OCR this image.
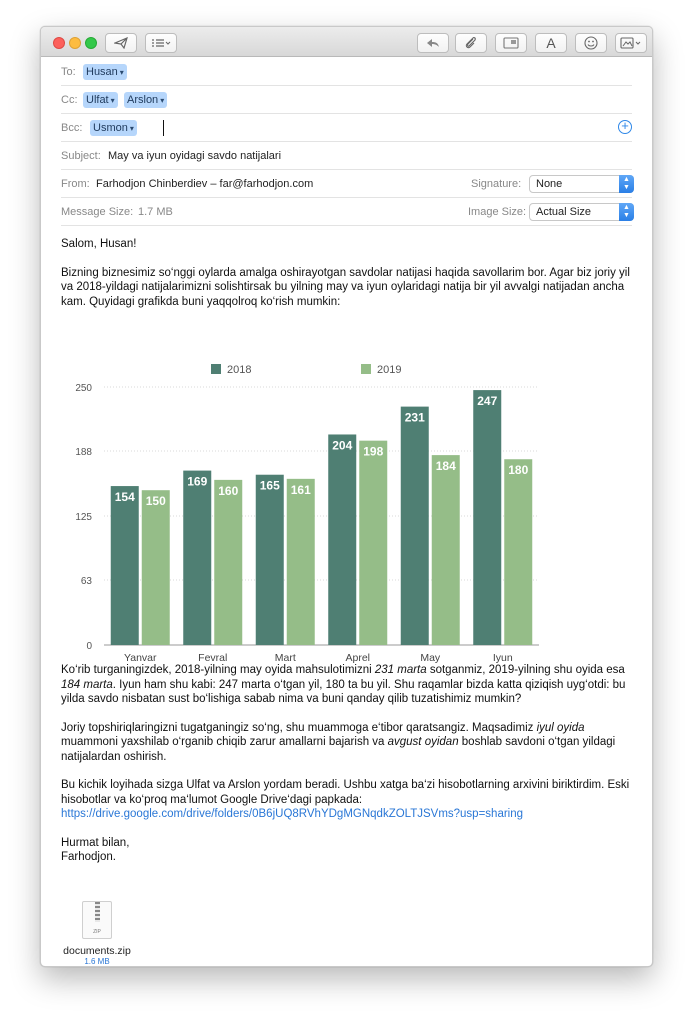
A
To: Husan ▾
Cc: Ulfat ▾ Arslon ▾
Bcc: Usmon ▾	+
Subject: May va iyun oyidagi savdo natijalari
From: Farhodjon Chinberdiev – far@farhodjon.com	Signature:	None	▲
▼
Message Size: 1.7 MB	Image Size: Actual Size	▲
▼

Salom, Husan!

Bizning biznesimiz so‘nggi oylarda amalga oshirayotgan savdolar natijasi haqida savollarim bor. Agar biz joriy yil va 2018-yildagi natijalarimizni solishtirsak bu yilning may va iyun oylaridagi natija bir yil avvalgi natijadan ancha kam. Quyidagi grafikda buni yaqqolroq ko‘rish mumkin:

0
63
125
188
250
2018	2019
154 150
169
160 165 161
204 198
231
184
247
180
Yanvar	Fevral	Mart	Aprel	May	Iyun

Ko‘rib turganingizdek, 2018-yilning may oyida mahsulotimizni 231 marta sotganmiz, 2019-yilning shu oyida esa 184 marta. Iyun ham shu kabi: 247 marta o‘tgan yil, 180 ta bu yil. Shu raqamlar bizda katta qiziqish uyg‘otdi: bu yilda savdo nisbatan sust bo‘lishiga sabab nima va buni qanday qilib tuzatishimiz mumkin?

Joriy topshiriqlaringizni tugatganingiz so‘ng, shu muammoga e‘tibor qaratsangiz. Maqsadimiz iyul oyida muammoni yaxshilab o‘rganib chiqib zarur amallarni bajarish va avgust oyidan boshlab savdoni o‘tgan yildagi natijalardan oshirish.

Bu kichik loyihada sizga Ulfat va Arslon yordam beradi. Ushbu xatga ba‘zi hisobotlarning arxivini biriktirdim. Eski hisobotlar va ko‘proq ma‘lumot Google Drive‘dagi papkada:
https://drive.google.com/drive/folders/0B6jUQ8RVhYDgMGNqdkZOLTJSVms?usp=sharing

Hurmat bilan,
Farhodjon.

ZIP
documents.zip
1.6 MB
